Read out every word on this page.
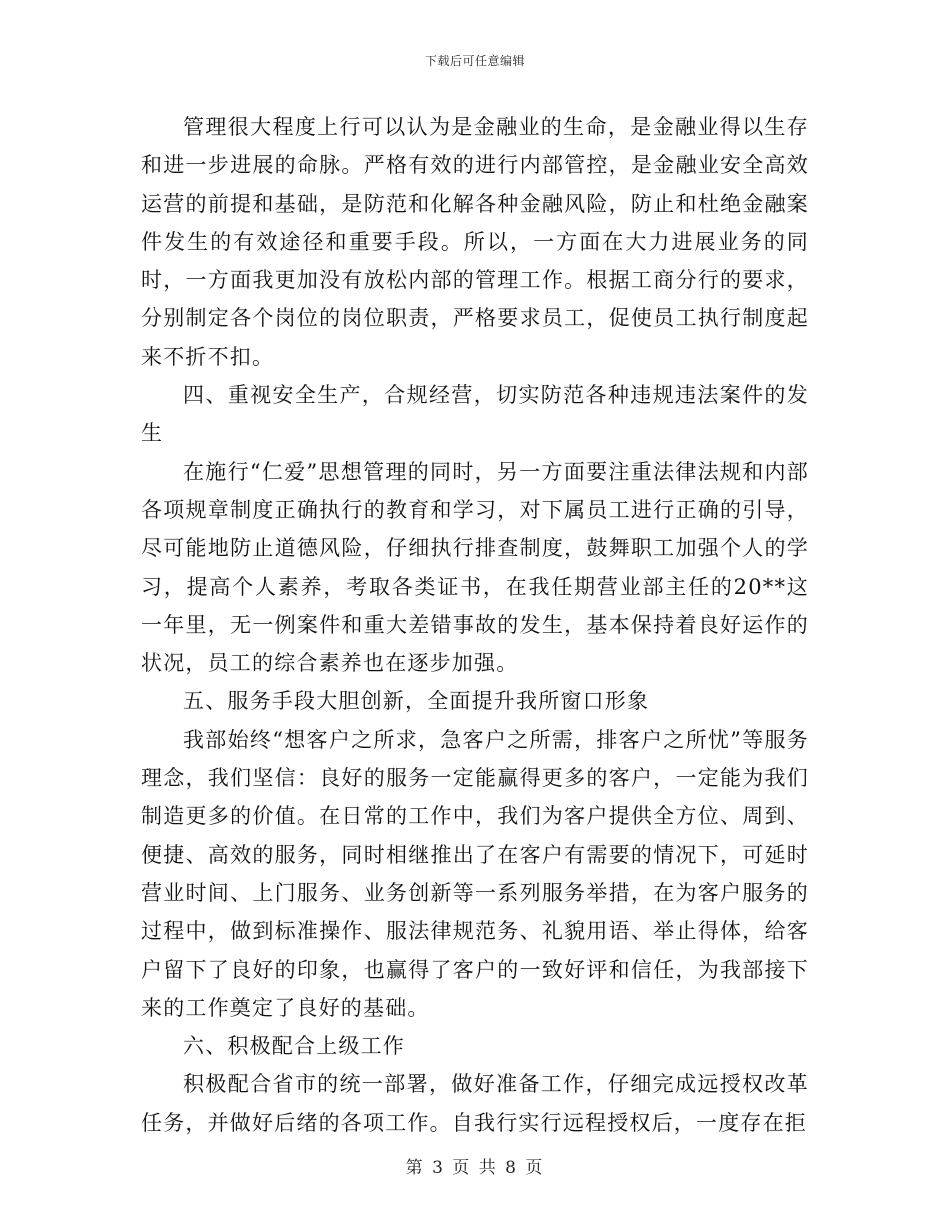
下载后可任意编辑

管理很大程度上行可以认为是金融业的生命，是金融业得以生存和进一步进展的命脉。严格有效的进行内部管控，是金融业安全高效运营的前提和基础，是防范和化解各种金融风险，防止和杜绝金融案件发生的有效途径和重要手段。所以，一方面在大力进展业务的同时，一方面我更加没有放松内部的管理工作。根据工商分行的要求，分别制定各个岗位的岗位职责，严格要求员工，促使员工执行制度起来不折不扣。

四、重视安全生产，合规经营，切实防范各种违规违法案件的发生

在施行“仁爱”思想管理的同时，另一方面要注重法律法规和内部各项规章制度正确执行的教育和学习，对下属员工进行正确的引导，尽可能地防止道德风险，仔细执行排查制度，鼓舞职工加强个人的学习，提高个人素养，考取各类证书，在我任期营业部主任的20**这一年里，无一例案件和重大差错事故的发生，基本保持着良好运作的状况，员工的综合素养也在逐步加强。

五、服务手段大胆创新，全面提升我所窗口形象

我部始终“想客户之所求，急客户之所需，排客户之所忧”等服务理念，我们坚信：良好的服务一定能赢得更多的客户，一定能为我们制造更多的价值。在日常的工作中，我们为客户提供全方位、周到、便捷、高效的服务，同时相继推出了在客户有需要的情况下，可延时营业时间、上门服务、业务创新等一系列服务举措，在为客户服务的过程中，做到标准操作、服法律规范务、礼貌用语、举止得体，给客户留下了良好的印象，也赢得了客户的一致好评和信任，为我部接下来的工作奠定了良好的基础。

六、积极配合上级工作

积极配合省市的统一部署，做好准备工作，仔细完成远授权改革任务，并做好后绪的各项工作。自我行实行远程授权后，一度存在拒

第 3 页 共 8 页
